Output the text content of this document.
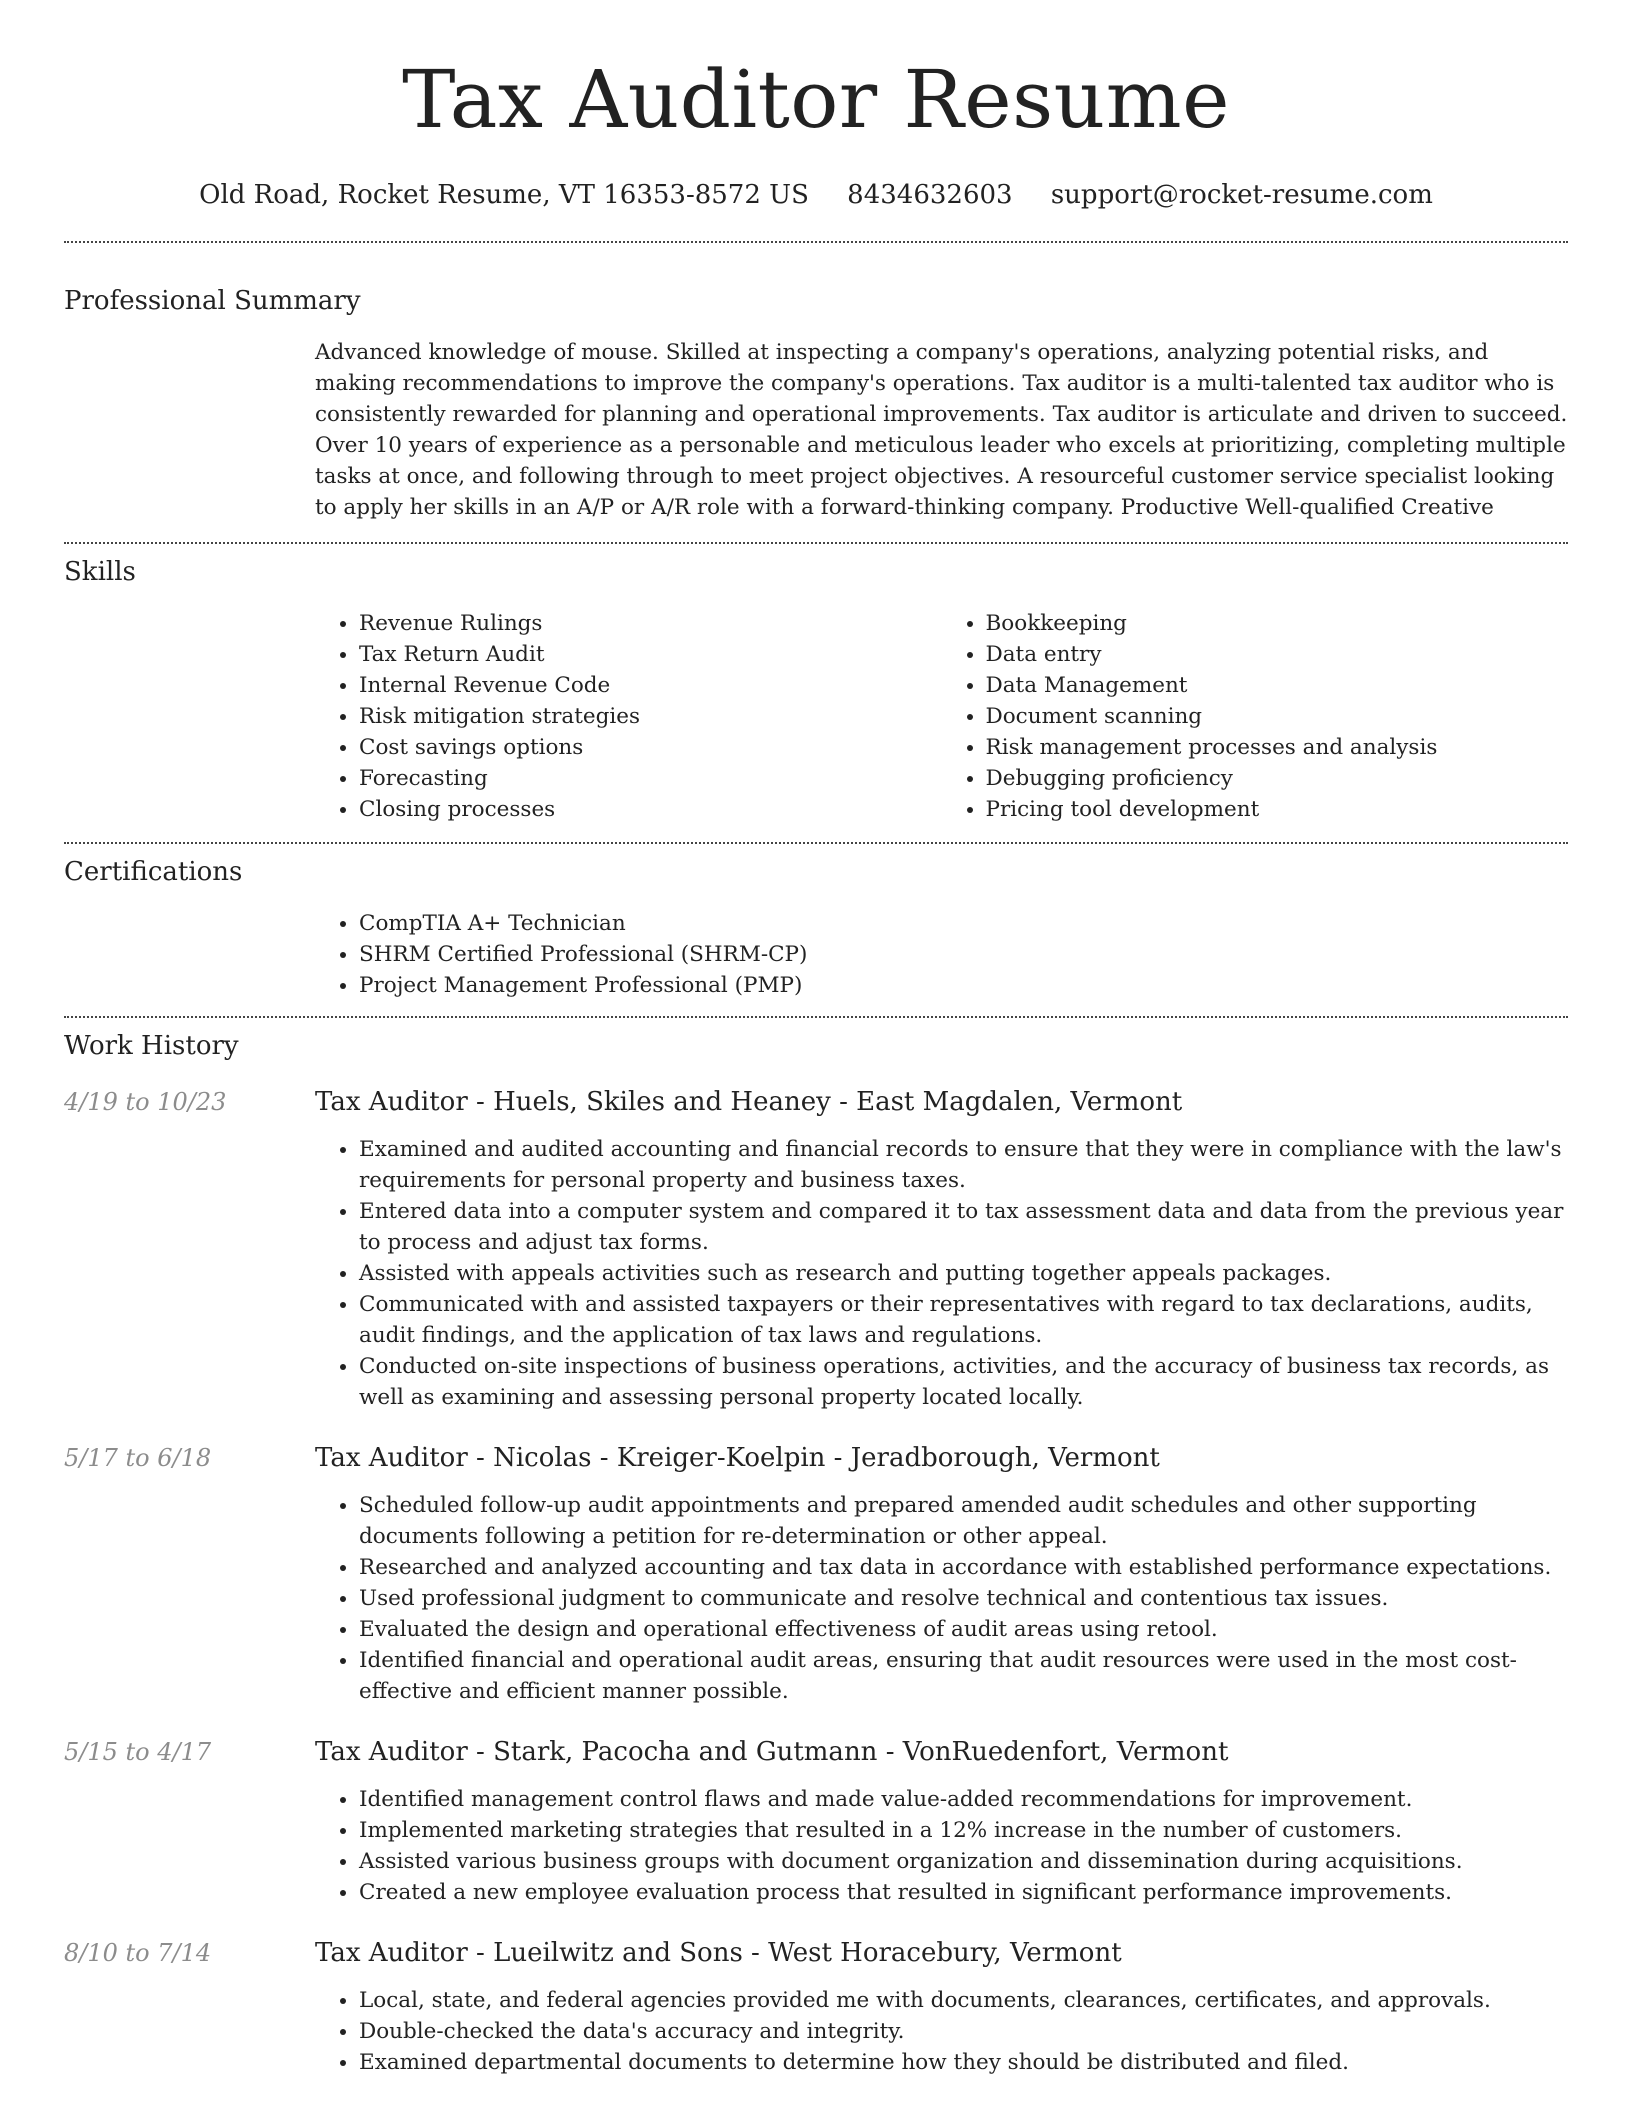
Tax Auditor Resume
Old Road, Rocket Resume, VT 16353-8572 US 8434632603 support@rocket-resume.com
Professional Summary

Advanced knowledge of mouse. Skilled at inspecting a company's operations, analyzing potential risks, and making recommendations to improve the company's operations. Tax auditor is a multi-talented tax auditor who is consistently rewarded for planning and operational improvements. Tax auditor is articulate and driven to succeed. Over 10 years of experience as a personable and meticulous leader who excels at prioritizing, completing multiple tasks at once, and following through to meet project objectives. A resourceful customer service specialist looking to apply her skills in an A/P or A/R role with a forward-thinking company. Productive Well-qualified Creative

Skills
• Revenue Rulings
• Tax Return Audit
• Internal Revenue Code
• Risk mitigation strategies
• Cost savings options
• Forecasting
• Closing processes
• Bookkeeping
• Data entry
• Data Management
• Document scanning
• Risk management processes and analysis
• Debugging proficiency
• Pricing tool development
Certifications
• CompTIA A+ Technician
• SHRM Certified Professional (SHRM-CP)
• Project Management Professional (PMP)
Work History
4/19 to 10/23	Tax Auditor - Huels, Skiles and Heaney - East Magdalen, Vermont
• Examined and audited accounting and financial records to ensure that they were in compliance with the law's requirements for personal property and business taxes.
• Entered data into a computer system and compared it to tax assessment data and data from the previous year to process and adjust tax forms.
• Assisted with appeals activities such as research and putting together appeals packages.
• Communicated with and assisted taxpayers or their representatives with regard to tax declarations, audits, audit findings, and the application of tax laws and regulations.
• Conducted on-site inspections of business operations, activities, and the accuracy of business tax records, as well as examining and assessing personal property located locally.
5/17 to 6/18	Tax Auditor - Nicolas - Kreiger-Koelpin - Jeradborough, Vermont
• Scheduled follow-up audit appointments and prepared amended audit schedules and other supporting documents following a petition for re-determination or other appeal.
• Researched and analyzed accounting and tax data in accordance with established performance expectations.
• Used professional judgment to communicate and resolve technical and contentious tax issues.
• Evaluated the design and operational effectiveness of audit areas using retool.
• Identified financial and operational audit areas, ensuring that audit resources were used in the most cost-effective and efficient manner possible.
5/15 to 4/17	Tax Auditor - Stark, Pacocha and Gutmann - VonRuedenfort, Vermont
• Identified management control flaws and made value-added recommendations for improvement.
• Implemented marketing strategies that resulted in a 12% increase in the number of customers.
• Assisted various business groups with document organization and dissemination during acquisitions.
• Created a new employee evaluation process that resulted in significant performance improvements.
8/10 to 7/14	Tax Auditor - Lueilwitz and Sons - West Horacebury, Vermont
• Local, state, and federal agencies provided me with documents, clearances, certificates, and approvals.
• Double-checked the data's accuracy and integrity.
• Examined departmental documents to determine how they should be distributed and filed.
